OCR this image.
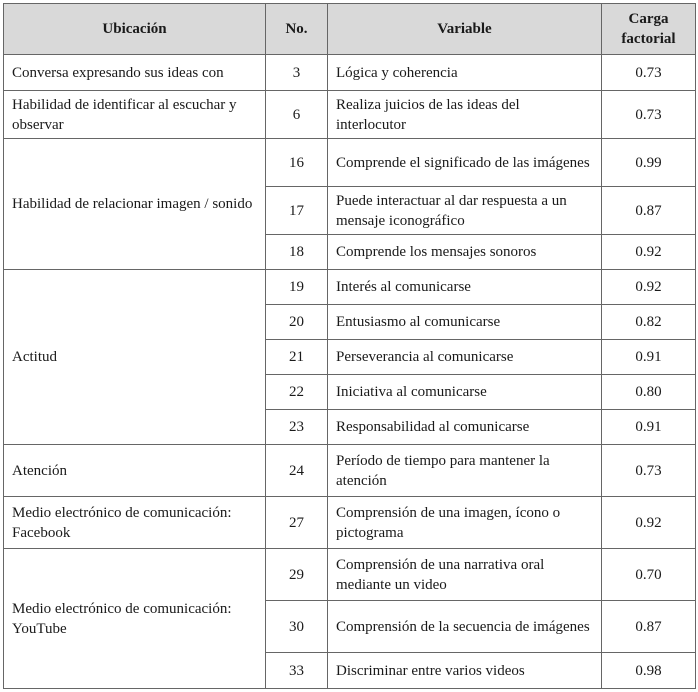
Ubicación	No.	Variable	Carga factorial
Conversa expresando sus ideas con	3	Lógica y coherencia	0.73
Habilidad de identificar al escuchar y observar	6	Realiza juicios de las ideas del interlocutor	0.73
Habilidad de relacionar imagen / sonido	16	Comprende el significado de las imágenes	0.99
	17	Puede interactuar al dar respuesta a un mensaje iconográfico	0.87
	18	Comprende los mensajes sonoros	0.92
Actitud	19	Interés al comunicarse	0.92
	20	Entusiasmo al comunicarse	0.82
	21	Perseverancia al comunicarse	0.91
	22	Iniciativa al comunicarse	0.80
	23	Responsabilidad al comunicarse	0.91
Atención	24	Período de tiempo para mantener la atención	0.73
Medio electrónico de comunicación: Facebook	27	Comprensión de una imagen, ícono o pictograma	0.92
Medio electrónico de comunicación: YouTube	29	Comprensión de una narrativa oral mediante un video	0.70
	30	Comprensión de la secuencia de imágenes	0.87
	33	Discriminar entre varios videos	0.98
